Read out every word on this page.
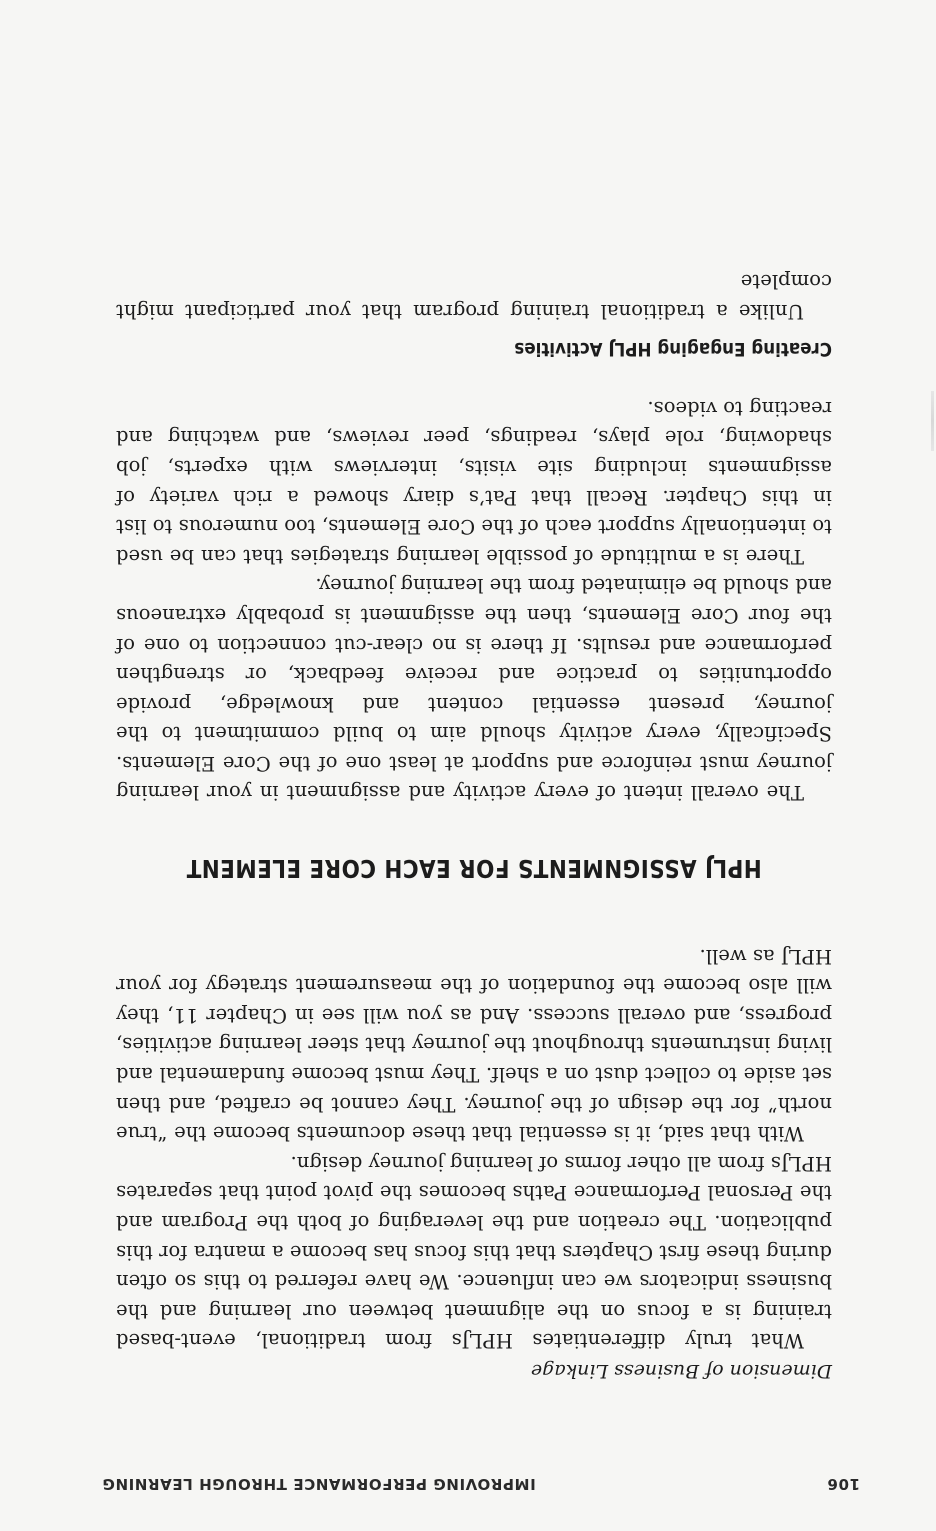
106
IMPROVING PERFORMANCE THROUGH LEARNING

Dimension of Business Linkage

What truly differentiates HPLJs from traditional, event-based training is a focus on the alignment between our learning and the business indicators we can influence. We have referred to this so often during these first Chapters that this focus has become a mantra for this publication. The creation and the leveraging of both the Program and the Personal Performance Paths becomes the pivot point that separates HPLJs from all other forms of learning journey design.

With that said, it is essential that these documents become the “true north” for the design of the journey. They cannot be crafted, and then set aside to collect dust on a shelf. They must become fundamental and living instruments throughout the journey that steer learning activities, progress, and overall success. And as you will see in Chapter 11, they will also become the foundation of the measurement strategy for your HPLJ as well.

HPLJ ASSIGNMENTS FOR EACH CORE ELEMENT

The overall intent of every activity and assignment in your learning journey must reinforce and support at least one of the Core Elements. Specifically, every activity should aim to build commitment to the journey, present essential content and knowledge, provide opportunities to practice and receive feedback, or strengthen performance and results. If there is no clear-cut connection to one of the four Core Elements, then the assignment is probably extraneous and should be eliminated from the learning journey.

There is a multitude of possible learning strategies that can be used to intentionally support each of the Core Elements, too numerous to list in this Chapter. Recall that Pat’s diary showed a rich variety of assignments including site visits, interviews with experts, job shadowing, role plays, readings, peer reviews, and watching and reacting to videos.

Creating Engaging HPLJ Activities

Unlike a traditional training program that your participant might complete
